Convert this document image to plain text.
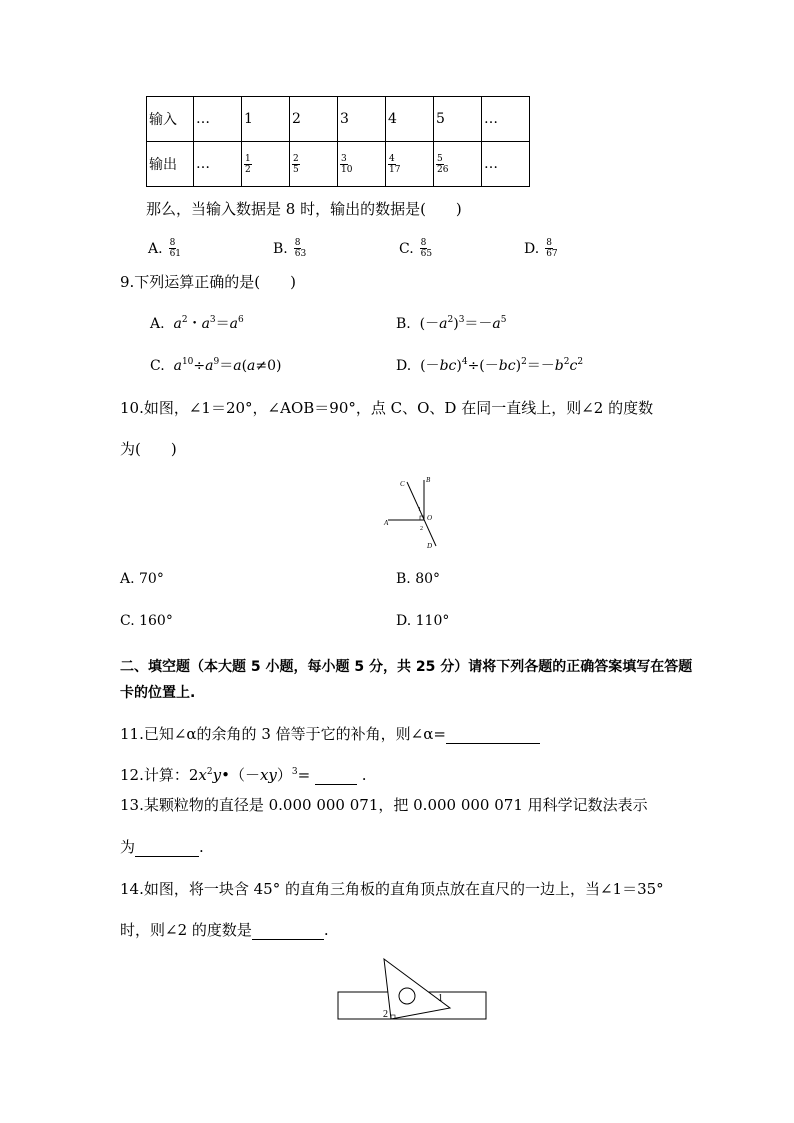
输入	…	1	2	3	4	5	…
输出	…	$\frac{1}{2}$	$\frac{2}{5}$	$\frac{3}{10}$	$\frac{4}{17}$	$\frac{5}{26}$	…
那么，当输入数据是 8 时，输出的数据是(　　)
A. $\frac{8}{61}$	B. $\frac{8}{63}$	C. $\frac{8}{65}$	D. $\frac{8}{67}$
9.下列运算正确的是(　　)
A. $a^2$・$a^3=a^6$	B.  $(-a^2)^3=-a^5$
C. $a^{10}\div a^9=a(a\ne 0)$	D.  $(-bc)^4\div(-bc)^2=-b^2c^2$
10.如图，∠1＝20°，∠AOB＝90°，点 C、O、D 在同一直线上，则∠2 的度数
为(　　)
A
B
C
O
D
1
2
A. 70°	B. 80°
C. 160°	D. 110°
二、填空题（本大题 5 小题，每小题 5 分，共 25 分）请将下列各题的正确答案填写在答题
卡的位置上.
11.已知∠α的余角的 3 倍等于它的补角，则∠α=
12.计算：$2x^2y•(-xy)^3=$	.
13.某颗粒物的直径是 0.000 000 071，把 0.000 000 071 用科学记数法表示
为	.
14.如图，将一块含 45° 的直角三角板的直角顶点放在直尺的一边上，当∠1＝35°
时，则∠2 的度数是	.
1
2
